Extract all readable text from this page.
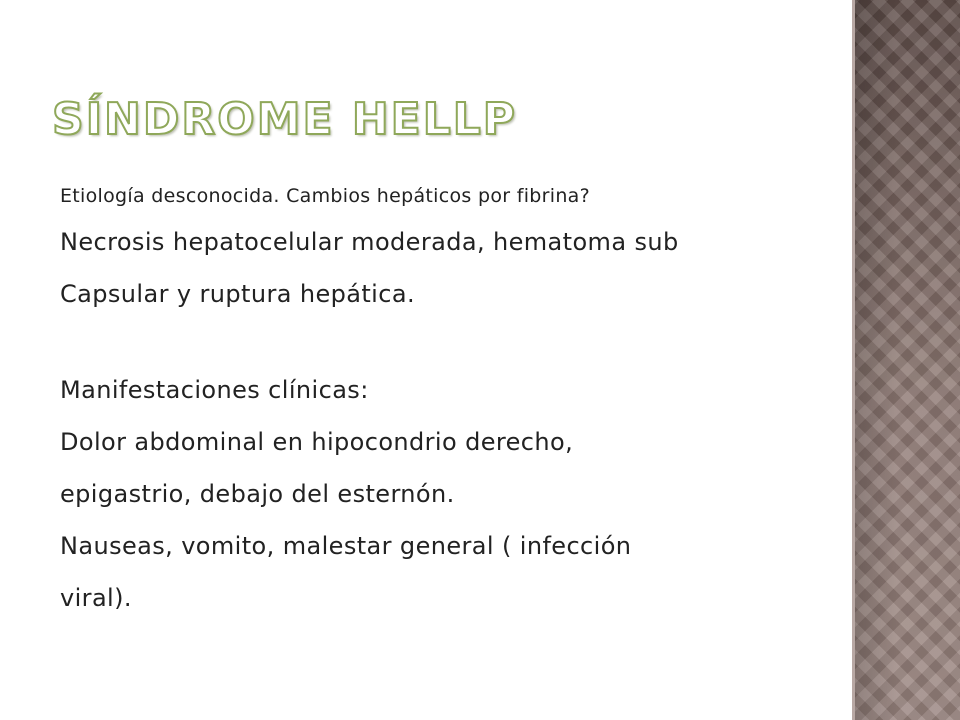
SÍNDROME HELLP

Etiología desconocida. Cambios hepáticos por fibrina?

Necrosis hepatocelular moderada, hematoma sub

Capsular y ruptura hepática.

Manifestaciones clínicas:

Dolor abdominal en hipocondrio derecho,

epigastrio, debajo del esternón.

Nauseas, vomito, malestar general ( infección

viral).
